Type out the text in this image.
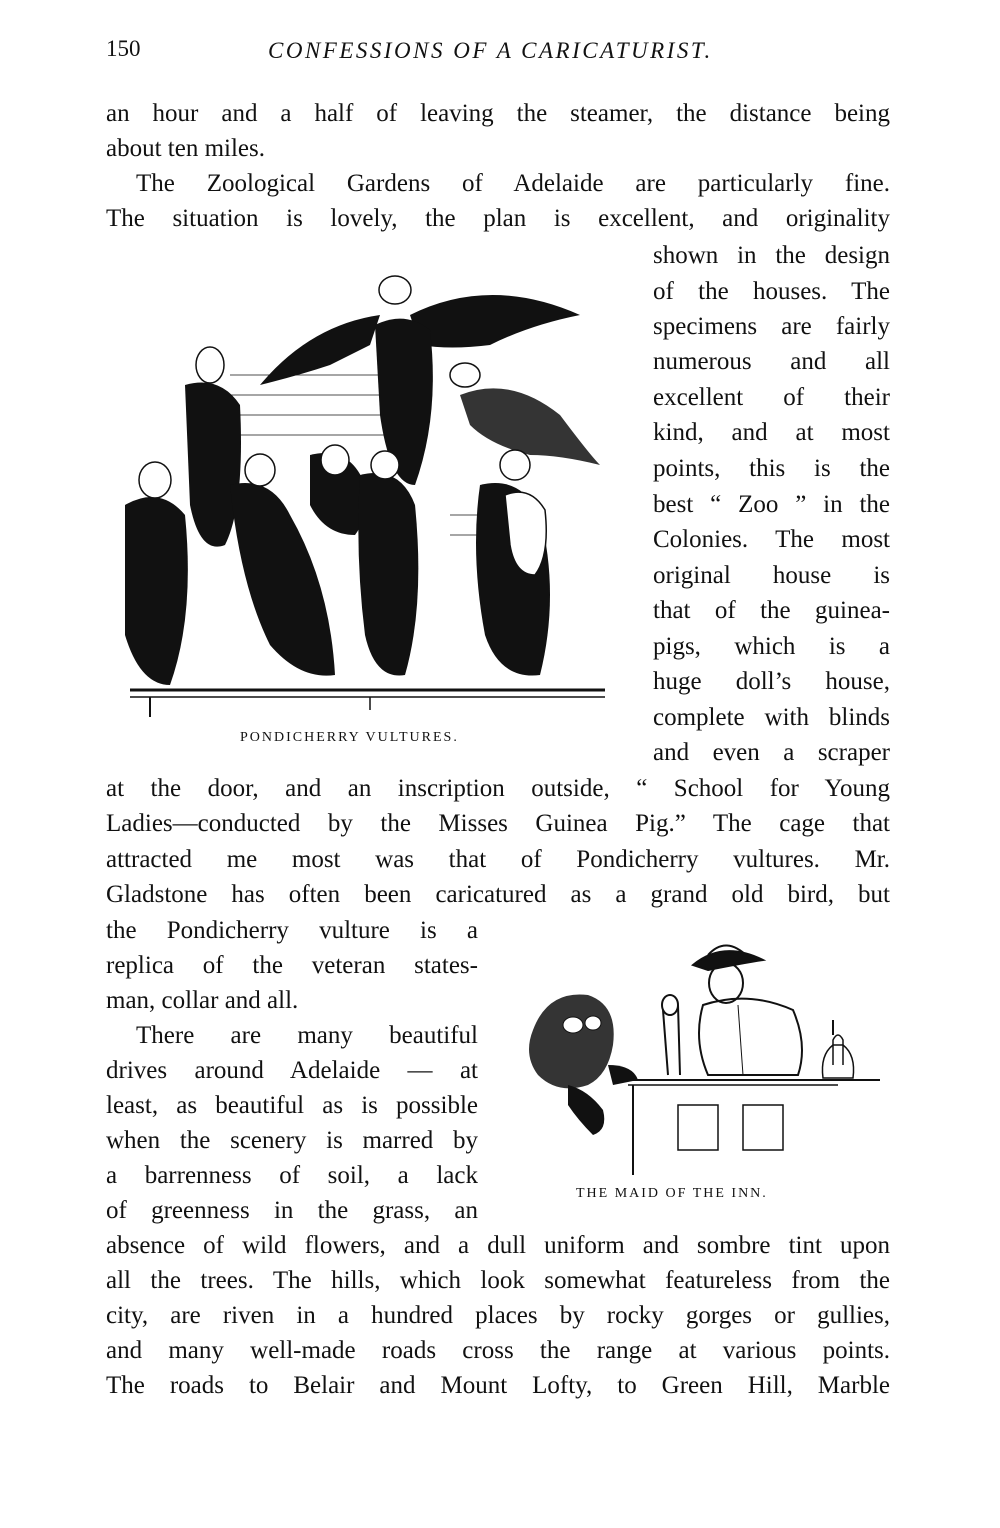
150	CONFESSIONS OF A CARICATURIST.
an hour and a half of leaving the steamer, the distance being
about ten miles.
The Zoological Gardens of Adelaide are particularly fine.
The situation is lovely, the plan is excellent, and originality
shown in the design
of the houses. The
specimens are fairly
numerous and all
excellent of their
kind, and at most
points, this is the
best “ Zoo ” in the
Colonies. The most
original house is
that of the guinea-
pigs, which is a
huge doll’s house,
complete with blinds
and even a scraper
PONDICHERRY VULTURES.
at the door, and an inscription outside, “ School for Young
Ladies—conducted by the Misses Guinea Pig.” The cage that
attracted me most was that of Pondicherry vultures. Mr.
Gladstone has often been caricatured as a grand old bird, but
the Pondicherry vulture is a
replica of the veteran states-
man, collar and all.
There are many beautiful
drives around Adelaide — at
least, as beautiful as is possible
when the scenery is marred by
a barrenness of soil, a lack
of greenness in the grass, an
THE MAID OF THE INN.
absence of wild flowers, and a dull uniform and sombre tint upon
all the trees. The hills, which look somewhat featureless from the
city, are riven in a hundred places by rocky gorges or gullies,
and many well-made roads cross the range at various points.
The roads to Belair and Mount Lofty, to Green Hill, Marble
